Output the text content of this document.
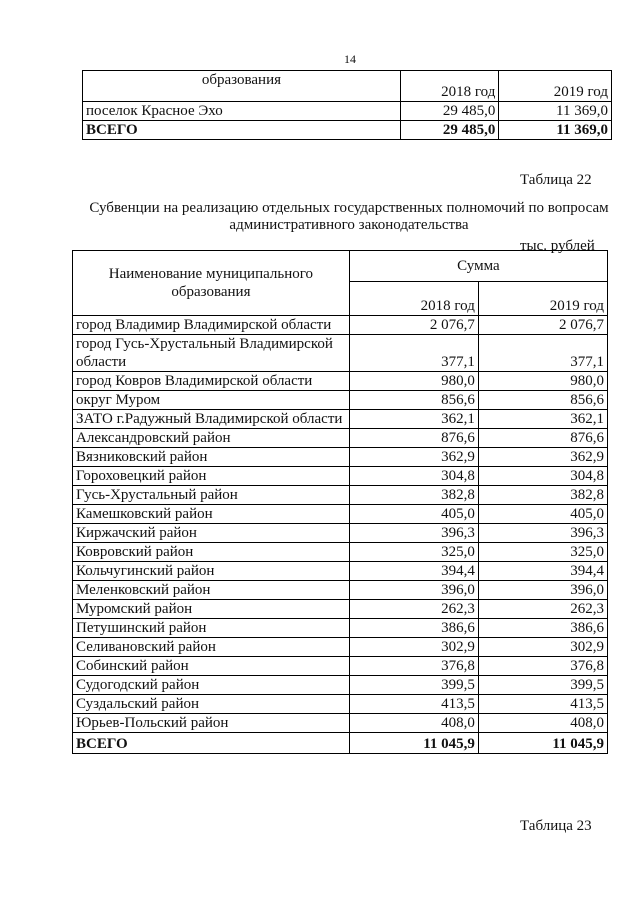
14
образования	2018 год	2019 год
поселок Красное Эхо	29 485,0	11 369,0
ВСЕГО	29 485,0	11 369,0
Таблица 22
Субвенции на реализацию отдельных государственных полномочий по вопросам административного законодательства
тыс. рублей
Наименование муниципального образования	Сумма	
	2018 год	2019 год
город Владимир Владимирской области	2 076,7	2 076,7
город Гусь-Хрустальный Владимирской области	377,1	377,1
город Ковров Владимирской области	980,0	980,0
округ Муром	856,6	856,6
ЗАТО г.Радужный Владимирской области	362,1	362,1
Александровский район	876,6	876,6
Вязниковский район	362,9	362,9
Гороховецкий район	304,8	304,8
Гусь-Хрустальный район	382,8	382,8
Камешковский район	405,0	405,0
Киржачский район	396,3	396,3
Ковровский район	325,0	325,0
Кольчугинский район	394,4	394,4
Меленковский район	396,0	396,0
Муромский район	262,3	262,3
Петушинский район	386,6	386,6
Селивановский район	302,9	302,9
Собинский район	376,8	376,8
Судогодский район	399,5	399,5
Суздальский район	413,5	413,5
Юрьев-Польский район	408,0	408,0
ВСЕГО	11 045,9	11 045,9
Таблица 23
